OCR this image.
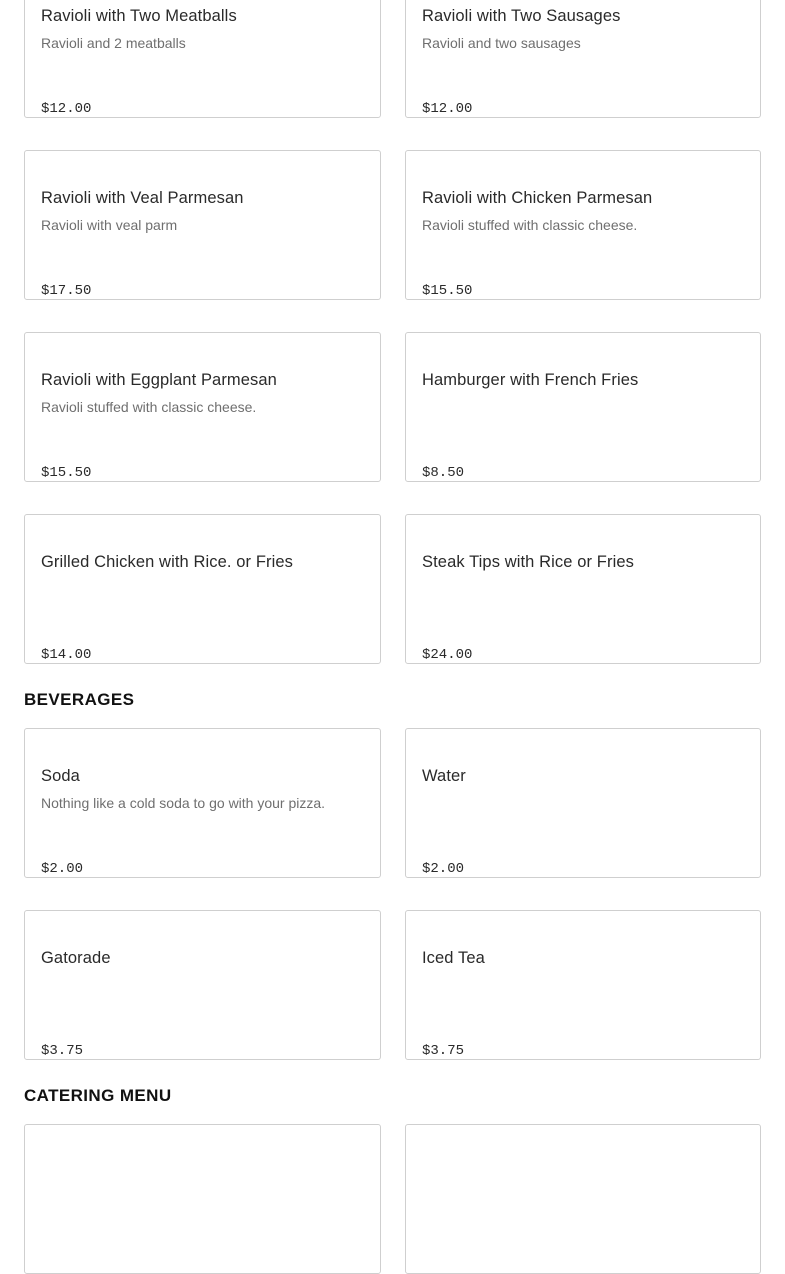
Ravioli with Two Meatballs
Ravioli and 2 meatballs
$12.00
Ravioli with Two Sausages
Ravioli and two sausages
$12.00
Ravioli with Veal Parmesan
Ravioli with veal parm
$17.50
Ravioli with Chicken Parmesan
Ravioli stuffed with classic cheese.
$15.50
Ravioli with Eggplant Parmesan
Ravioli stuffed with classic cheese.
$15.50
Hamburger with French Fries
$8.50
Grilled Chicken with Rice. or Fries
$14.00
Steak Tips with Rice or Fries
$24.00
BEVERAGES
Soda
Nothing like a cold soda to go with your pizza.
$2.00
Water
$2.00
Gatorade
$3.75
Iced Tea
$3.75
CATERING MENU
